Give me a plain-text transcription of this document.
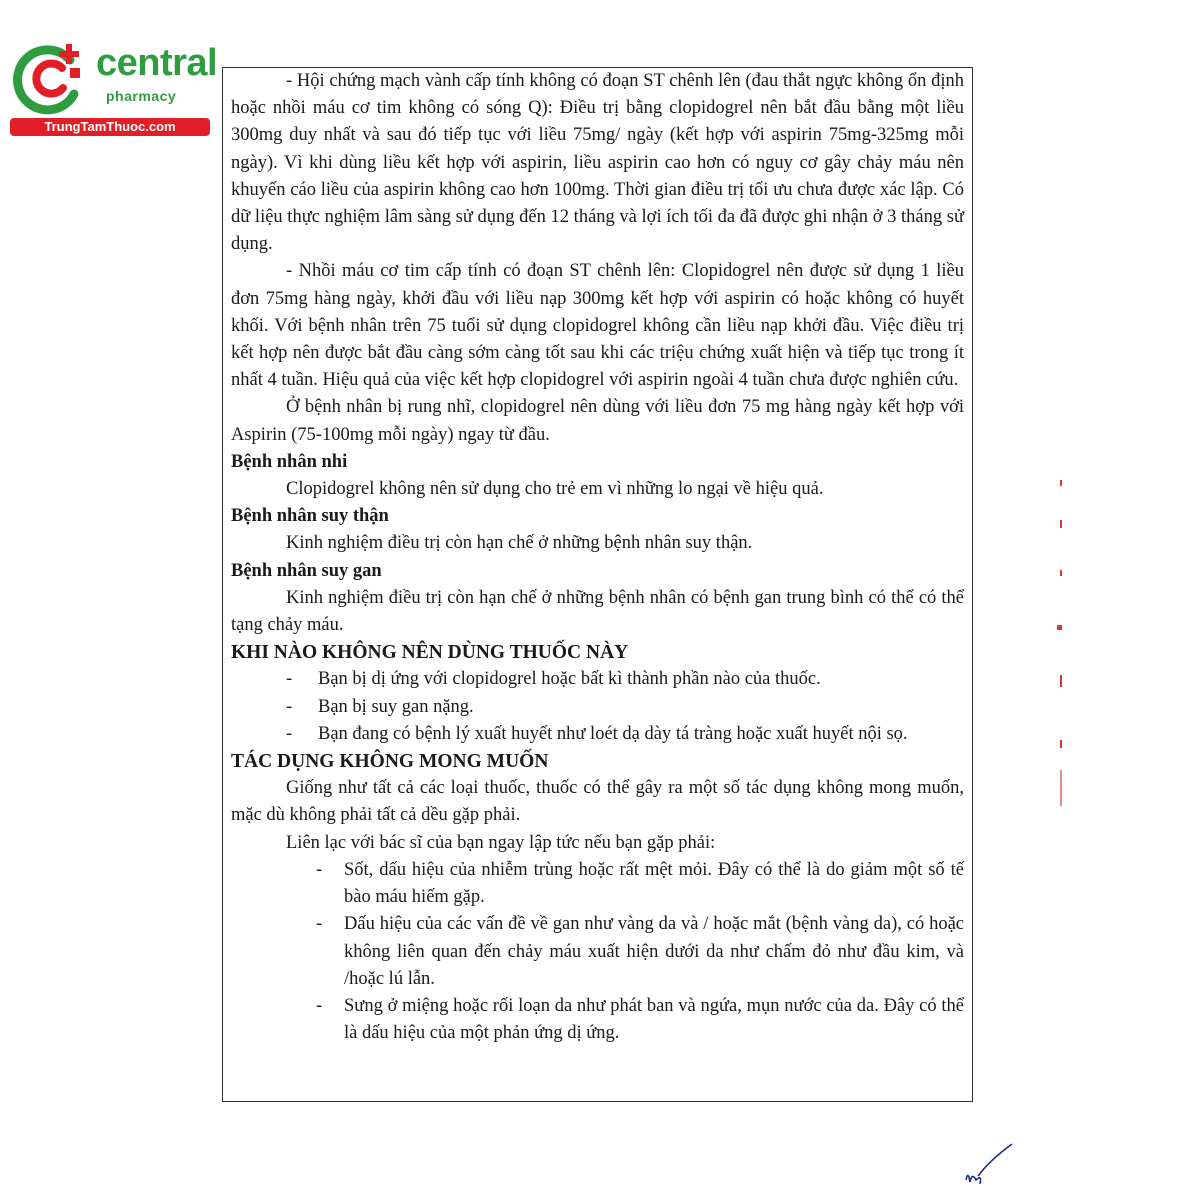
central
pharmacy
TrungTamThuoc.com

- Hội chứng mạch vành cấp tính không có đoạn ST chênh lên (đau thắt ngực không ổn định hoặc nhồi máu cơ tim không có sóng Q): Điều trị bằng clopidogrel nên bắt đầu bằng một liều 300mg duy nhất và sau đó tiếp tục với liều 75mg/ ngày (kết hợp với aspirin 75mg-325mg mỗi ngày). Vì khi dùng liều kết hợp với aspirin, liều aspirin cao hơn có nguy cơ gây chảy máu nên khuyến cáo liều của aspirin không cao hơn 100mg. Thời gian điều trị tối ưu chưa được xác lập. Có dữ liệu thực nghiệm lâm sàng sử dụng đến 12 tháng và lợi ích tối đa đã được ghi nhận ở 3 tháng sử dụng.

- Nhồi máu cơ tim cấp tính có đoạn ST chênh lên: Clopidogrel nên được sử dụng 1 liều đơn 75mg hàng ngày, khởi đầu với liều nạp 300mg kết hợp với aspirin có hoặc không có huyết khối. Với bệnh nhân trên 75 tuổi sử dụng clopidogrel không cần liều nạp khởi đầu. Việc điều trị kết hợp nên được bắt đầu càng sớm càng tốt sau khi các triệu chứng xuất hiện và tiếp tục trong ít nhất 4 tuần. Hiệu quả của việc kết hợp clopidogrel với aspirin ngoài 4 tuần chưa được nghiên cứu.

Ở bệnh nhân bị rung nhĩ, clopidogrel nên dùng với liều đơn 75 mg hàng ngày kết hợp với Aspirin (75-100mg mỗi ngày) ngay từ đầu.

Bệnh nhân nhi

Clopidogrel không nên sử dụng cho trẻ em vì những lo ngại về hiệu quả.

Bệnh nhân suy thận

Kinh nghiệm điều trị còn hạn chế ở những bệnh nhân suy thận.

Bệnh nhân suy gan

Kinh nghiệm điều trị còn hạn chế ở những bệnh nhân có bệnh gan trung bình có thể có thể tạng chảy máu.

KHI NÀO KHÔNG NÊN DÙNG THUỐC NÀY

-	Bạn bị dị ứng với clopidogrel hoặc bất kì thành phần nào của thuốc.
-	Bạn bị suy gan nặng.
-	Bạn đang có bệnh lý xuất huyết như loét dạ dày tá tràng hoặc xuất huyết nội sọ.

TÁC DỤNG KHÔNG MONG MUỐN

Giống như tất cả các loại thuốc, thuốc có thể gây ra một số tác dụng không mong muốn, mặc dù không phải tất cả dều gặp phải.

Liên lạc với bác sĩ của bạn ngay lập tức nếu bạn gặp phải:

-	Sốt, dấu hiệu của nhiễm trùng hoặc rất mệt mỏi. Đây có thể là do giảm một số tế bào máu hiếm gặp.
-	Dấu hiệu của các vấn đề về gan như vàng da và / hoặc mắt (bệnh vàng da), có hoặc không liên quan đến chảy máu xuất hiện dưới da như chấm đỏ như đầu kim, và /hoặc lú lẫn.
-	Sưng ở miệng hoặc rối loạn da như phát ban và ngứa, mụn nước của da. Đây có thể là dấu hiệu của một phản ứng dị ứng.
